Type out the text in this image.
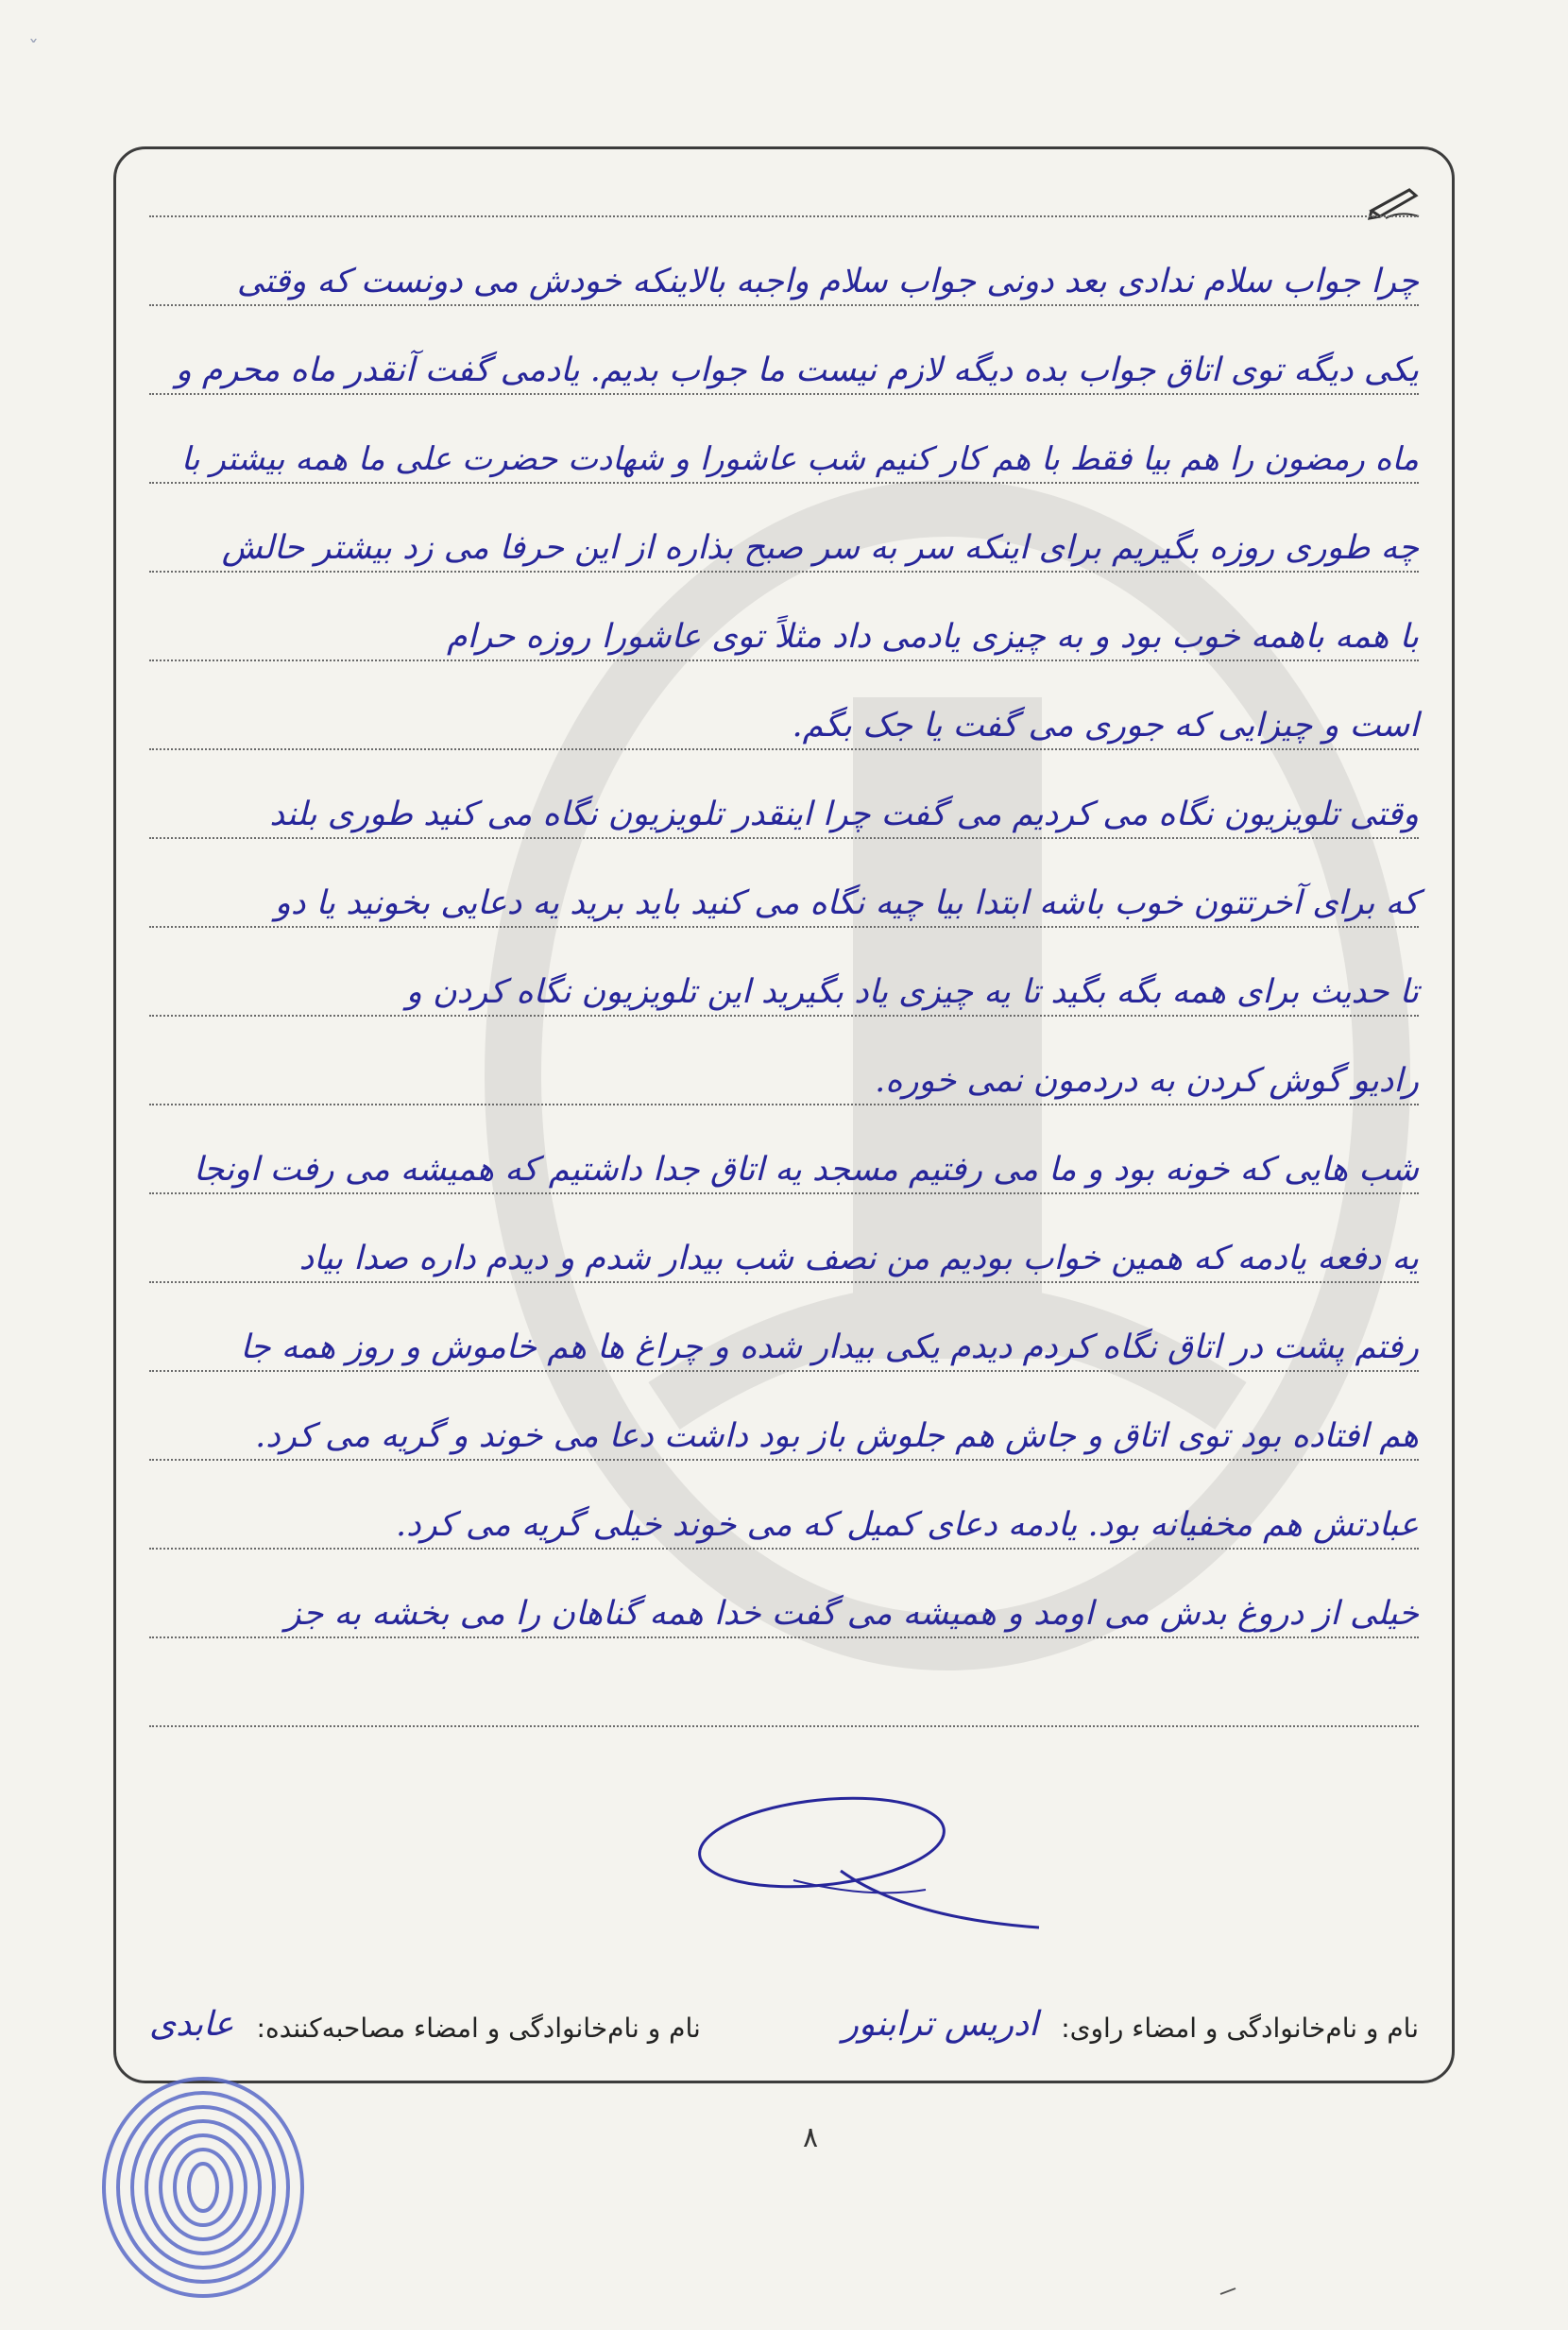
ˇ
چرا جواب سلام ندادی بعد دونی جواب سلام واجبه بالاینکه خودش می دونست که وقتی
یکی دیگه توی اتاق جواب بده دیگه لازم نیست ما جواب بدیم. یادمی گفت آنقدر ماه محرم و
ماه رمضون را هم بیا فقط با هم کار کنیم شب عاشورا و شهادت حضرت علی ما همه بیشتر با
چه طوری روزه بگیریم برای اینکه سر به سر صبح بذاره از این حرفا می زد بیشتر حالش
با همه باهمه خوب بود و به چیزی یادمی داد مثلاً توی عاشورا روزه حرام
است و چیزایی که جوری می گفت یا جک بگم.
وقتی تلویزیون نگاه می کردیم می گفت چرا اینقدر تلویزیون نگاه می کنید طوری بلند
که برای آخرتتون خوب باشه ابتدا بیا چیه نگاه می کنید باید برید یه دعایی بخونید یا دو
تا حدیث برای همه بگه بگید تا یه چیزی یاد بگیرید این تلویزیون نگاه کردن و
رادیو گوش کردن به دردمون نمی خوره.
شب هایی که خونه بود و ما می رفتیم مسجد یه اتاق جدا داشتیم که همیشه می رفت اونجا
یه دفعه یادمه که همین خواب بودیم من نصف شب بیدار شدم و دیدم داره صدا بیاد
رفتم پشت در اتاق نگاه کردم دیدم یکی بیدار شده و چراغ ها هم خاموش و روز همه جا
هم افتاده بود توی اتاق و جاش هم جلوش باز بود داشت دعا می خوند و گریه می کرد.
عبادتش هم مخفیانه بود. یادمه دعای کمیل که می خوند خیلی گریه می کرد.
خیلی از دروغ بدش می اومد و همیشه می گفت خدا همه گناهان را می بخشه به جز
نام و نام‌خانوادگی و امضاء راوی:
ادریس ترابنور
نام و نام‌خانوادگی و امضاء مصاحبه‌کننده:
عابدی
۸
